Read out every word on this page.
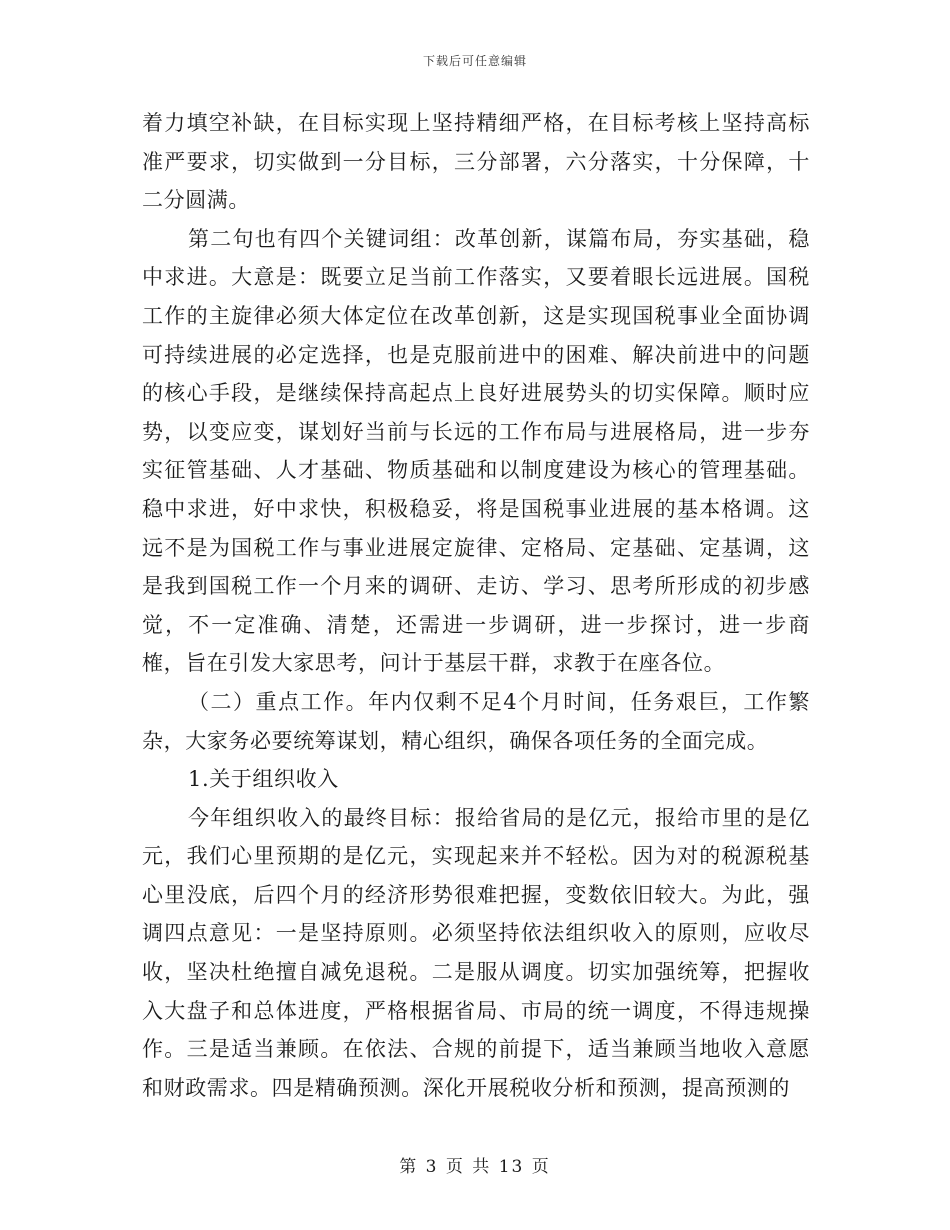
下载后可任意编辑

着力填空补缺，在目标实现上坚持精细严格，在目标考核上坚持高标准严要求，切实做到一分目标，三分部署，六分落实，十分保障，十二分圆满。

第二句也有四个关键词组：改革创新，谋篇布局，夯实基础，稳中求进。大意是：既要立足当前工作落实，又要着眼长远进展。国税工作的主旋律必须大体定位在改革创新，这是实现国税事业全面协调可持续进展的必定选择，也是克服前进中的困难、解决前进中的问题的核心手段，是继续保持高起点上良好进展势头的切实保障。顺时应势，以变应变，谋划好当前与长远的工作布局与进展格局，进一步夯实征管基础、人才基础、物质基础和以制度建设为核心的管理基础。稳中求进，好中求快，积极稳妥，将是国税事业进展的基本格调。这远不是为国税工作与事业进展定旋律、定格局、定基础、定基调，这是我到国税工作一个月来的调研、走访、学习、思考所形成的初步感觉，不一定准确、清楚，还需进一步调研，进一步探讨，进一步商榷，旨在引发大家思考，问计于基层干群，求教于在座各位。

（二）重点工作。年内仅剩不足4个月时间，任务艰巨，工作繁杂，大家务必要统筹谋划，精心组织，确保各项任务的全面完成。

1.关于组织收入

今年组织收入的最终目标：报给省局的是亿元，报给市里的是亿元，我们心里预期的是亿元，实现起来并不轻松。因为对的税源税基心里没底，后四个月的经济形势很难把握，变数依旧较大。为此，强调四点意见：一是坚持原则。必须坚持依法组织收入的原则，应收尽收，坚决杜绝擅自减免退税。二是服从调度。切实加强统筹，把握收入大盘子和总体进度，严格根据省局、市局的统一调度，不得违规操作。三是适当兼顾。在依法、合规的前提下，适当兼顾当地收入意愿和财政需求。四是精确预测。深化开展税收分析和预测，提高预测的

第 3 页 共 13 页
